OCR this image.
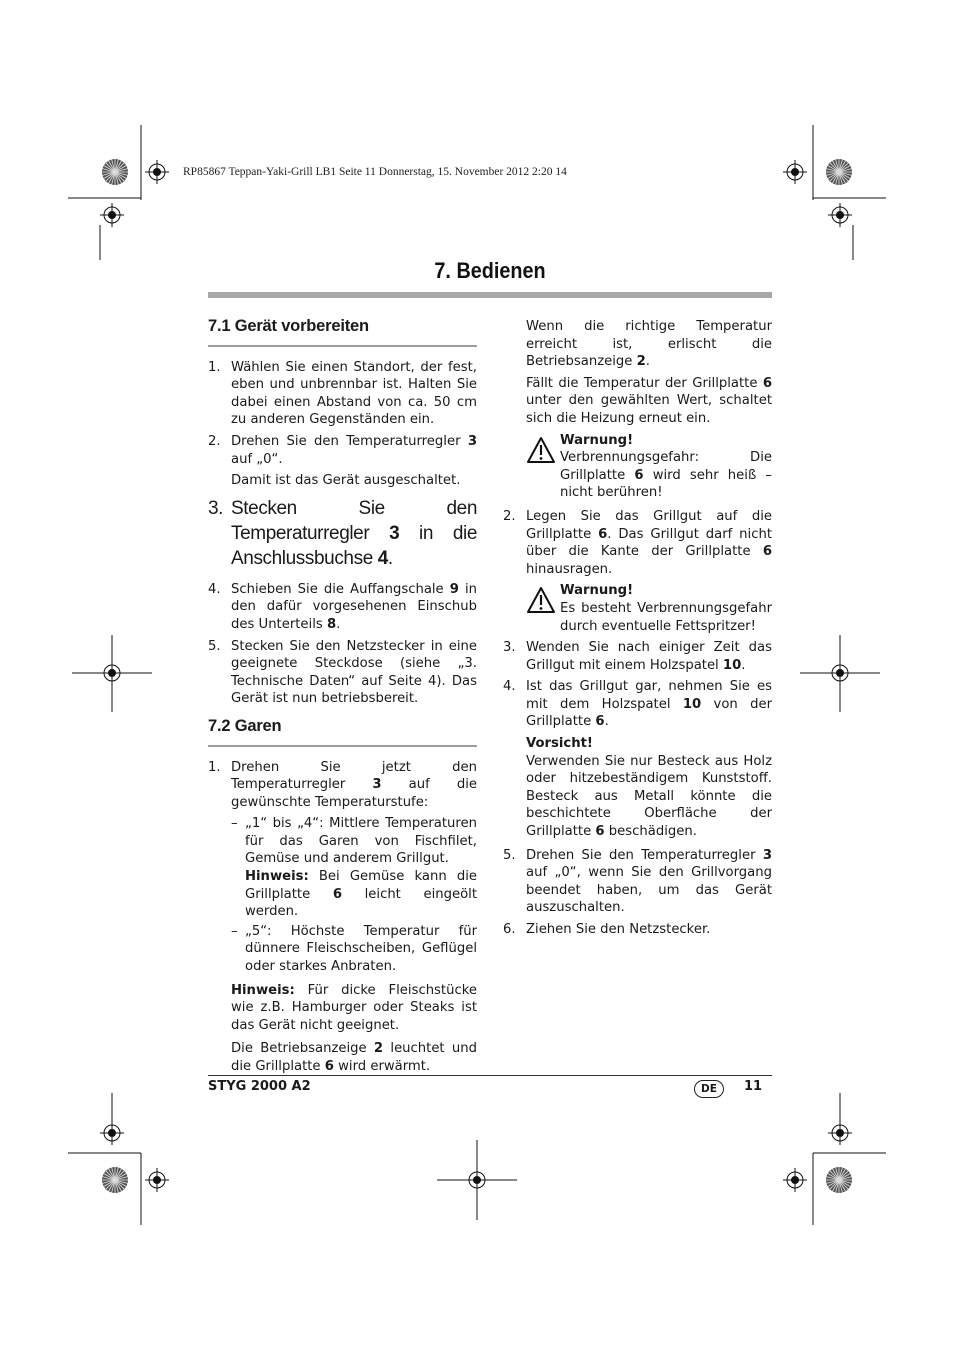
RP85867 Teppan-Yaki-Grill LB1 Seite 11 Donnerstag, 15. November 2012 2:20 14
7. Bedienen
7.1 Gerät vorbereiten
1. Wählen Sie einen Standort, der fest, eben und unbrennbar ist. Halten Sie dabei einen Abstand von ca. 50 cm zu anderen Gegenständen ein.
2. Drehen Sie den Temperaturregler 3 auf „0“.

Damit ist das Gerät ausgeschaltet.

3. Stecken Sie den Temperaturregler 3 in die Anschlussbuchse 4.
4. Schieben Sie die Auffangschale 9 in den dafür vorgesehenen Einschub des Unterteils 8.
5. Stecken Sie den Netzstecker in eine geeignete Steckdose (siehe „3. Technische Daten“ auf Seite 4). Das Gerät ist nun betriebsbereit.
7.2 Garen
1. Drehen Sie jetzt den Temperaturregler 3 auf die gewünschte Temperaturstufe:
– „1“ bis „4“: Mittlere Temperaturen für das Garen von Fischfilet, Gemüse und anderem Grillgut.
Hinweis: Bei Gemüse kann die Grillplatte 6 leicht eingeölt werden.
– „5“: Höchste Temperatur für dünnere Fleischscheiben, Geflügel oder starkes Anbraten.

Hinweis: Für dicke Fleischstücke wie z.B. Hamburger oder Steaks ist das Gerät nicht geeignet.

Die Betriebsanzeige 2 leuchtet und die Grillplatte 6 wird erwärmt.

Wenn die richtige Temperatur erreicht ist, erlischt die Betriebsanzeige 2.

Fällt die Temperatur der Grillplatte 6 unter den gewählten Wert, schaltet sich die Heizung erneut ein.

Warnung!
Verbrennungsgefahr: Die Grillplatte 6 wird sehr heiß – nicht berühren!
2. Legen Sie das Grillgut auf die Grillplatte 6. Das Grillgut darf nicht über die Kante der Grillplatte 6 hinausragen.
Warnung!
Es besteht Verbrennungsgefahr durch eventuelle Fettspritzer!
3. Wenden Sie nach einiger Zeit das Grillgut mit einem Holzspatel 10.
4. Ist das Grillgut gar, nehmen Sie es mit dem Holzspatel 10 von der Grillplatte 6.
Vorsicht!
Verwenden Sie nur Besteck aus Holz oder hitzebeständigem Kunststoff. Besteck aus Metall könnte die beschichtete Oberfläche der Grillplatte 6 beschädigen.
5. Drehen Sie den Temperaturregler 3 auf „0“, wenn Sie den Grillvorgang beendet haben, um das Gerät auszuschalten.
6. Ziehen Sie den Netzstecker.
STYG 2000 A2	DE	11
